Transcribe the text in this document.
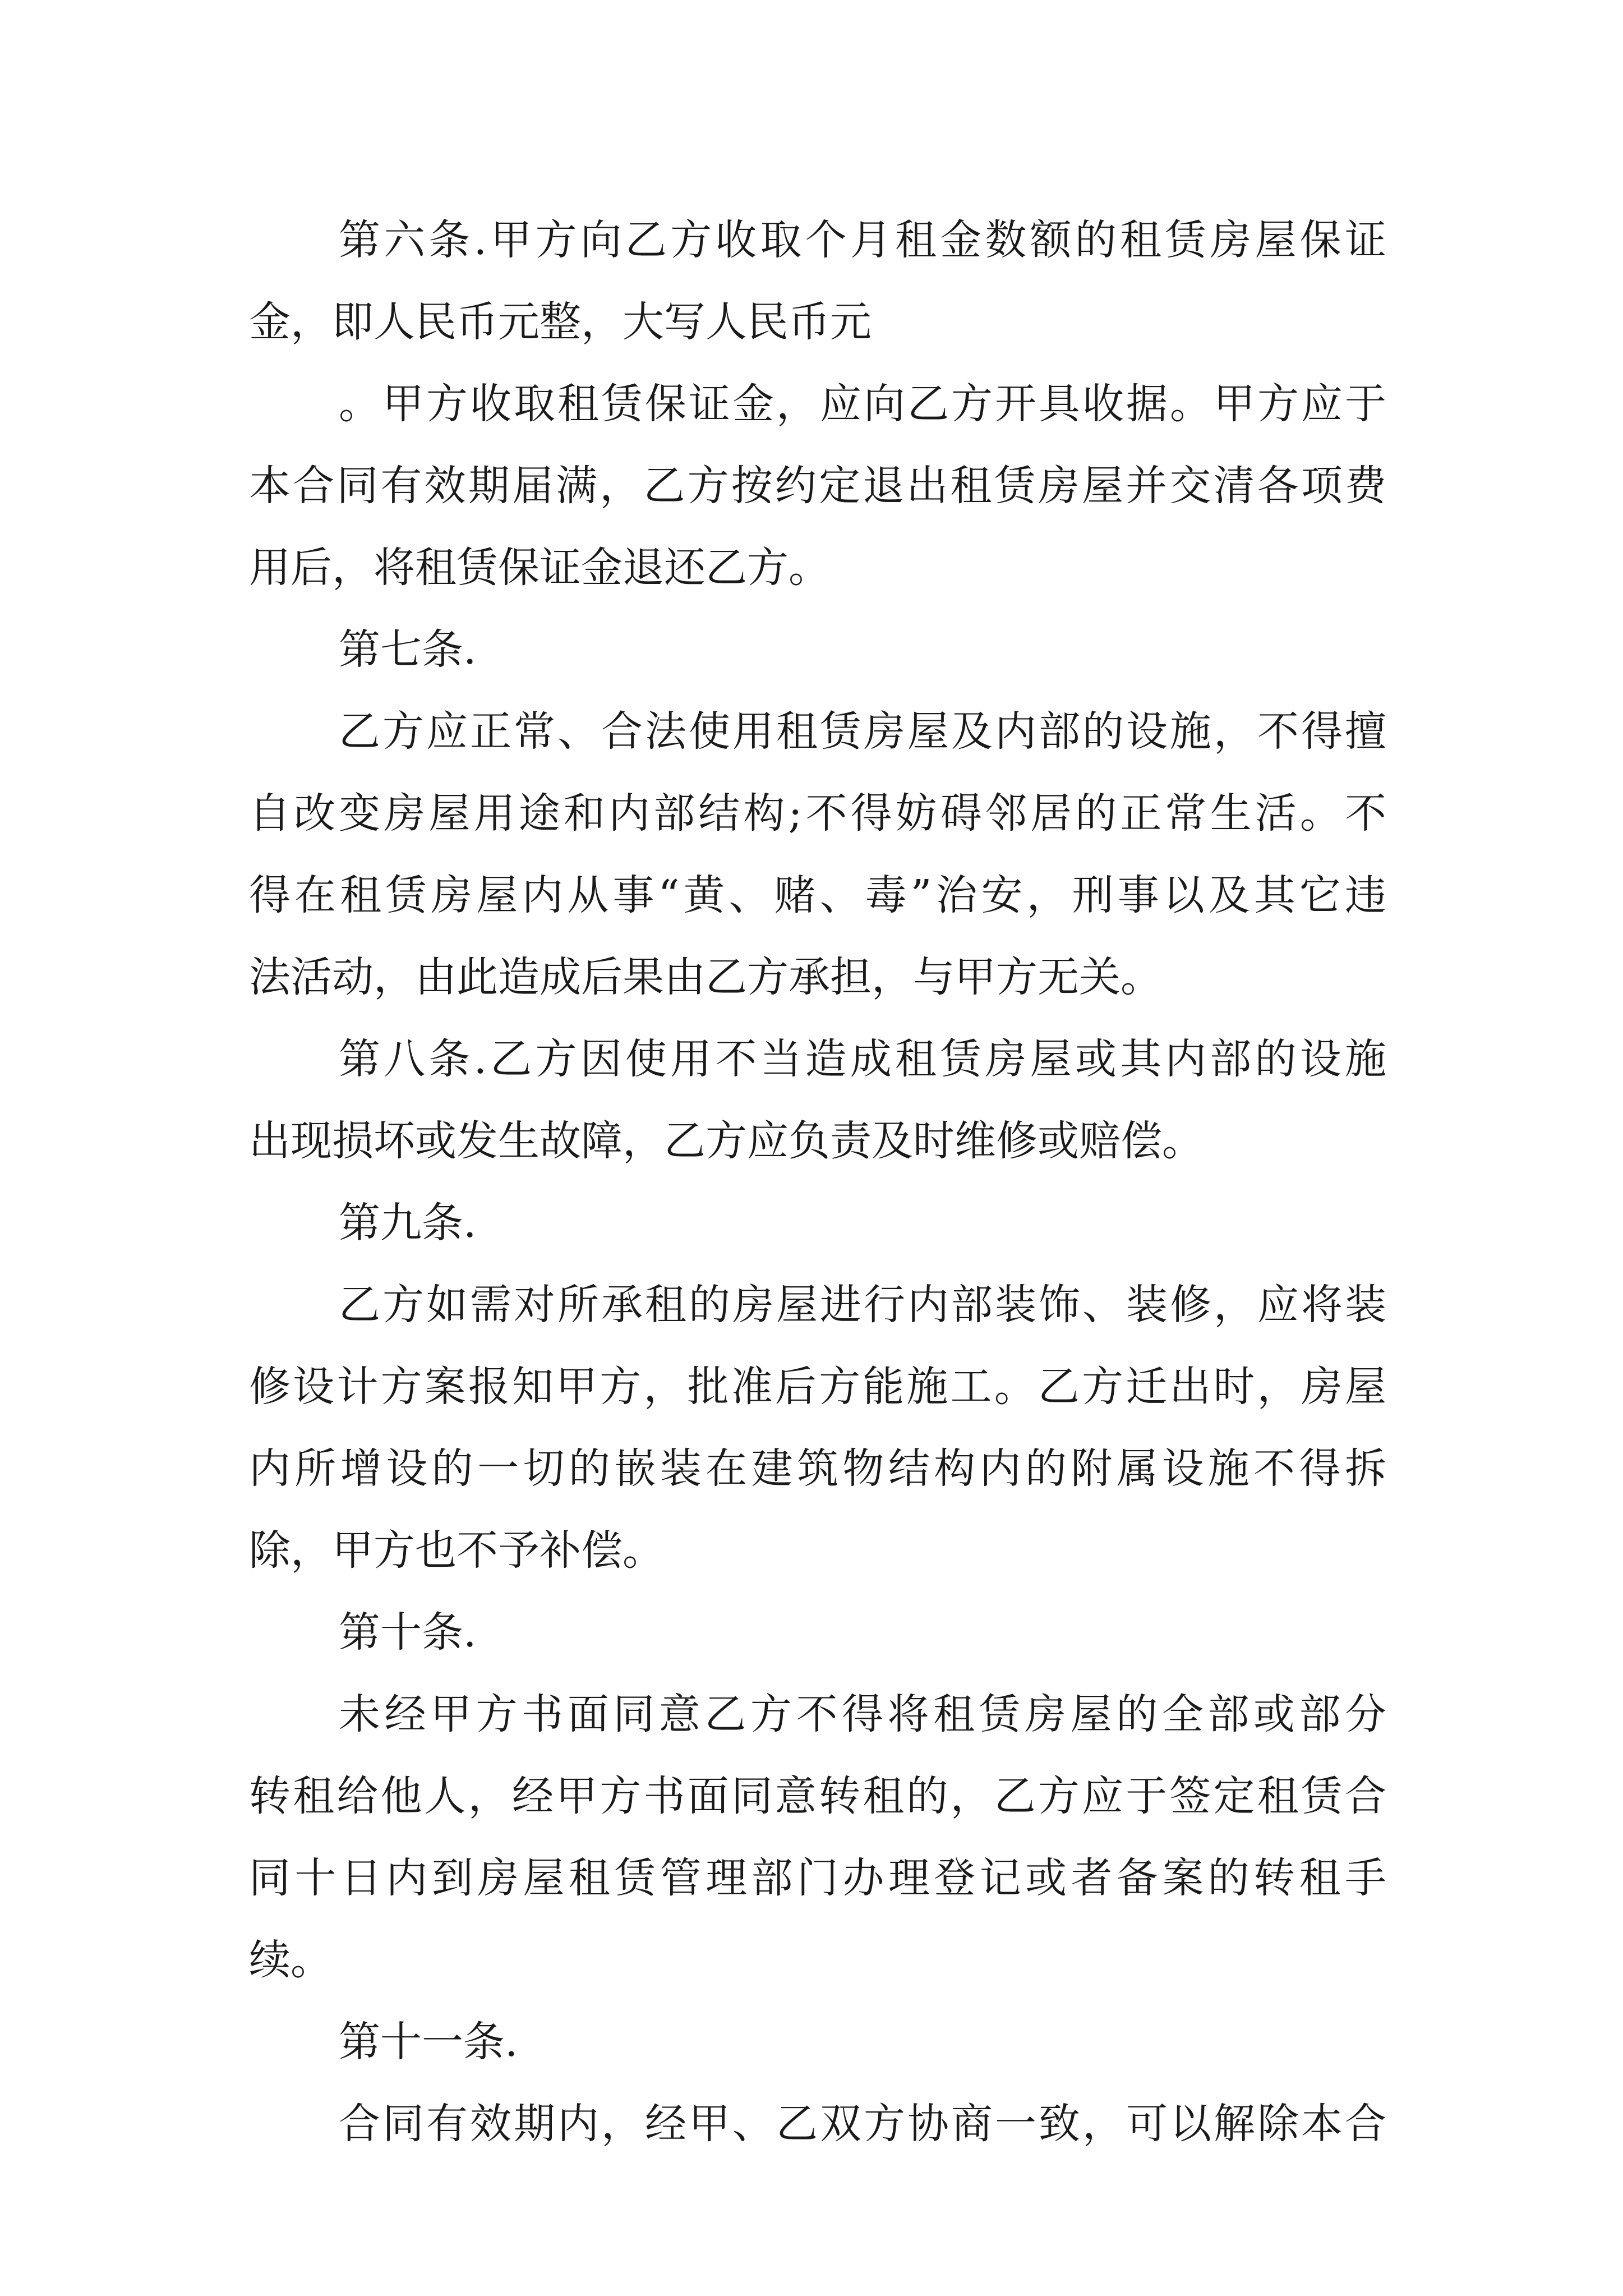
第六条.甲方向乙方收取个月租金数额的租赁房屋保证
金，即人民币元整，大写人民币元
。甲方收取租赁保证金，应向乙方开具收据。甲方应于
本合同有效期届满，乙方按约定退出租赁房屋并交清各项费
用后，将租赁保证金退还乙方。
第七条.
乙方应正常、合法使用租赁房屋及内部的设施，不得擅
自改变房屋用途和内部结构;不得妨碍邻居的正常生活。不
得在租赁房屋内从事“黄、赌、毒”治安，刑事以及其它违
法活动，由此造成后果由乙方承担，与甲方无关。
第八条.乙方因使用不当造成租赁房屋或其内部的设施
出现损坏或发生故障，乙方应负责及时维修或赔偿。
第九条.
乙方如需对所承租的房屋进行内部装饰、装修，应将装
修设计方案报知甲方，批准后方能施工。乙方迁出时，房屋
内所增设的一切的嵌装在建筑物结构内的附属设施不得拆
除，甲方也不予补偿。
第十条.
未经甲方书面同意乙方不得将租赁房屋的全部或部分
转租给他人，经甲方书面同意转租的，乙方应于签定租赁合
同十日内到房屋租赁管理部门办理登记或者备案的转租手
续。
第十一条.
合同有效期内，经甲、乙双方协商一致，可以解除本合
